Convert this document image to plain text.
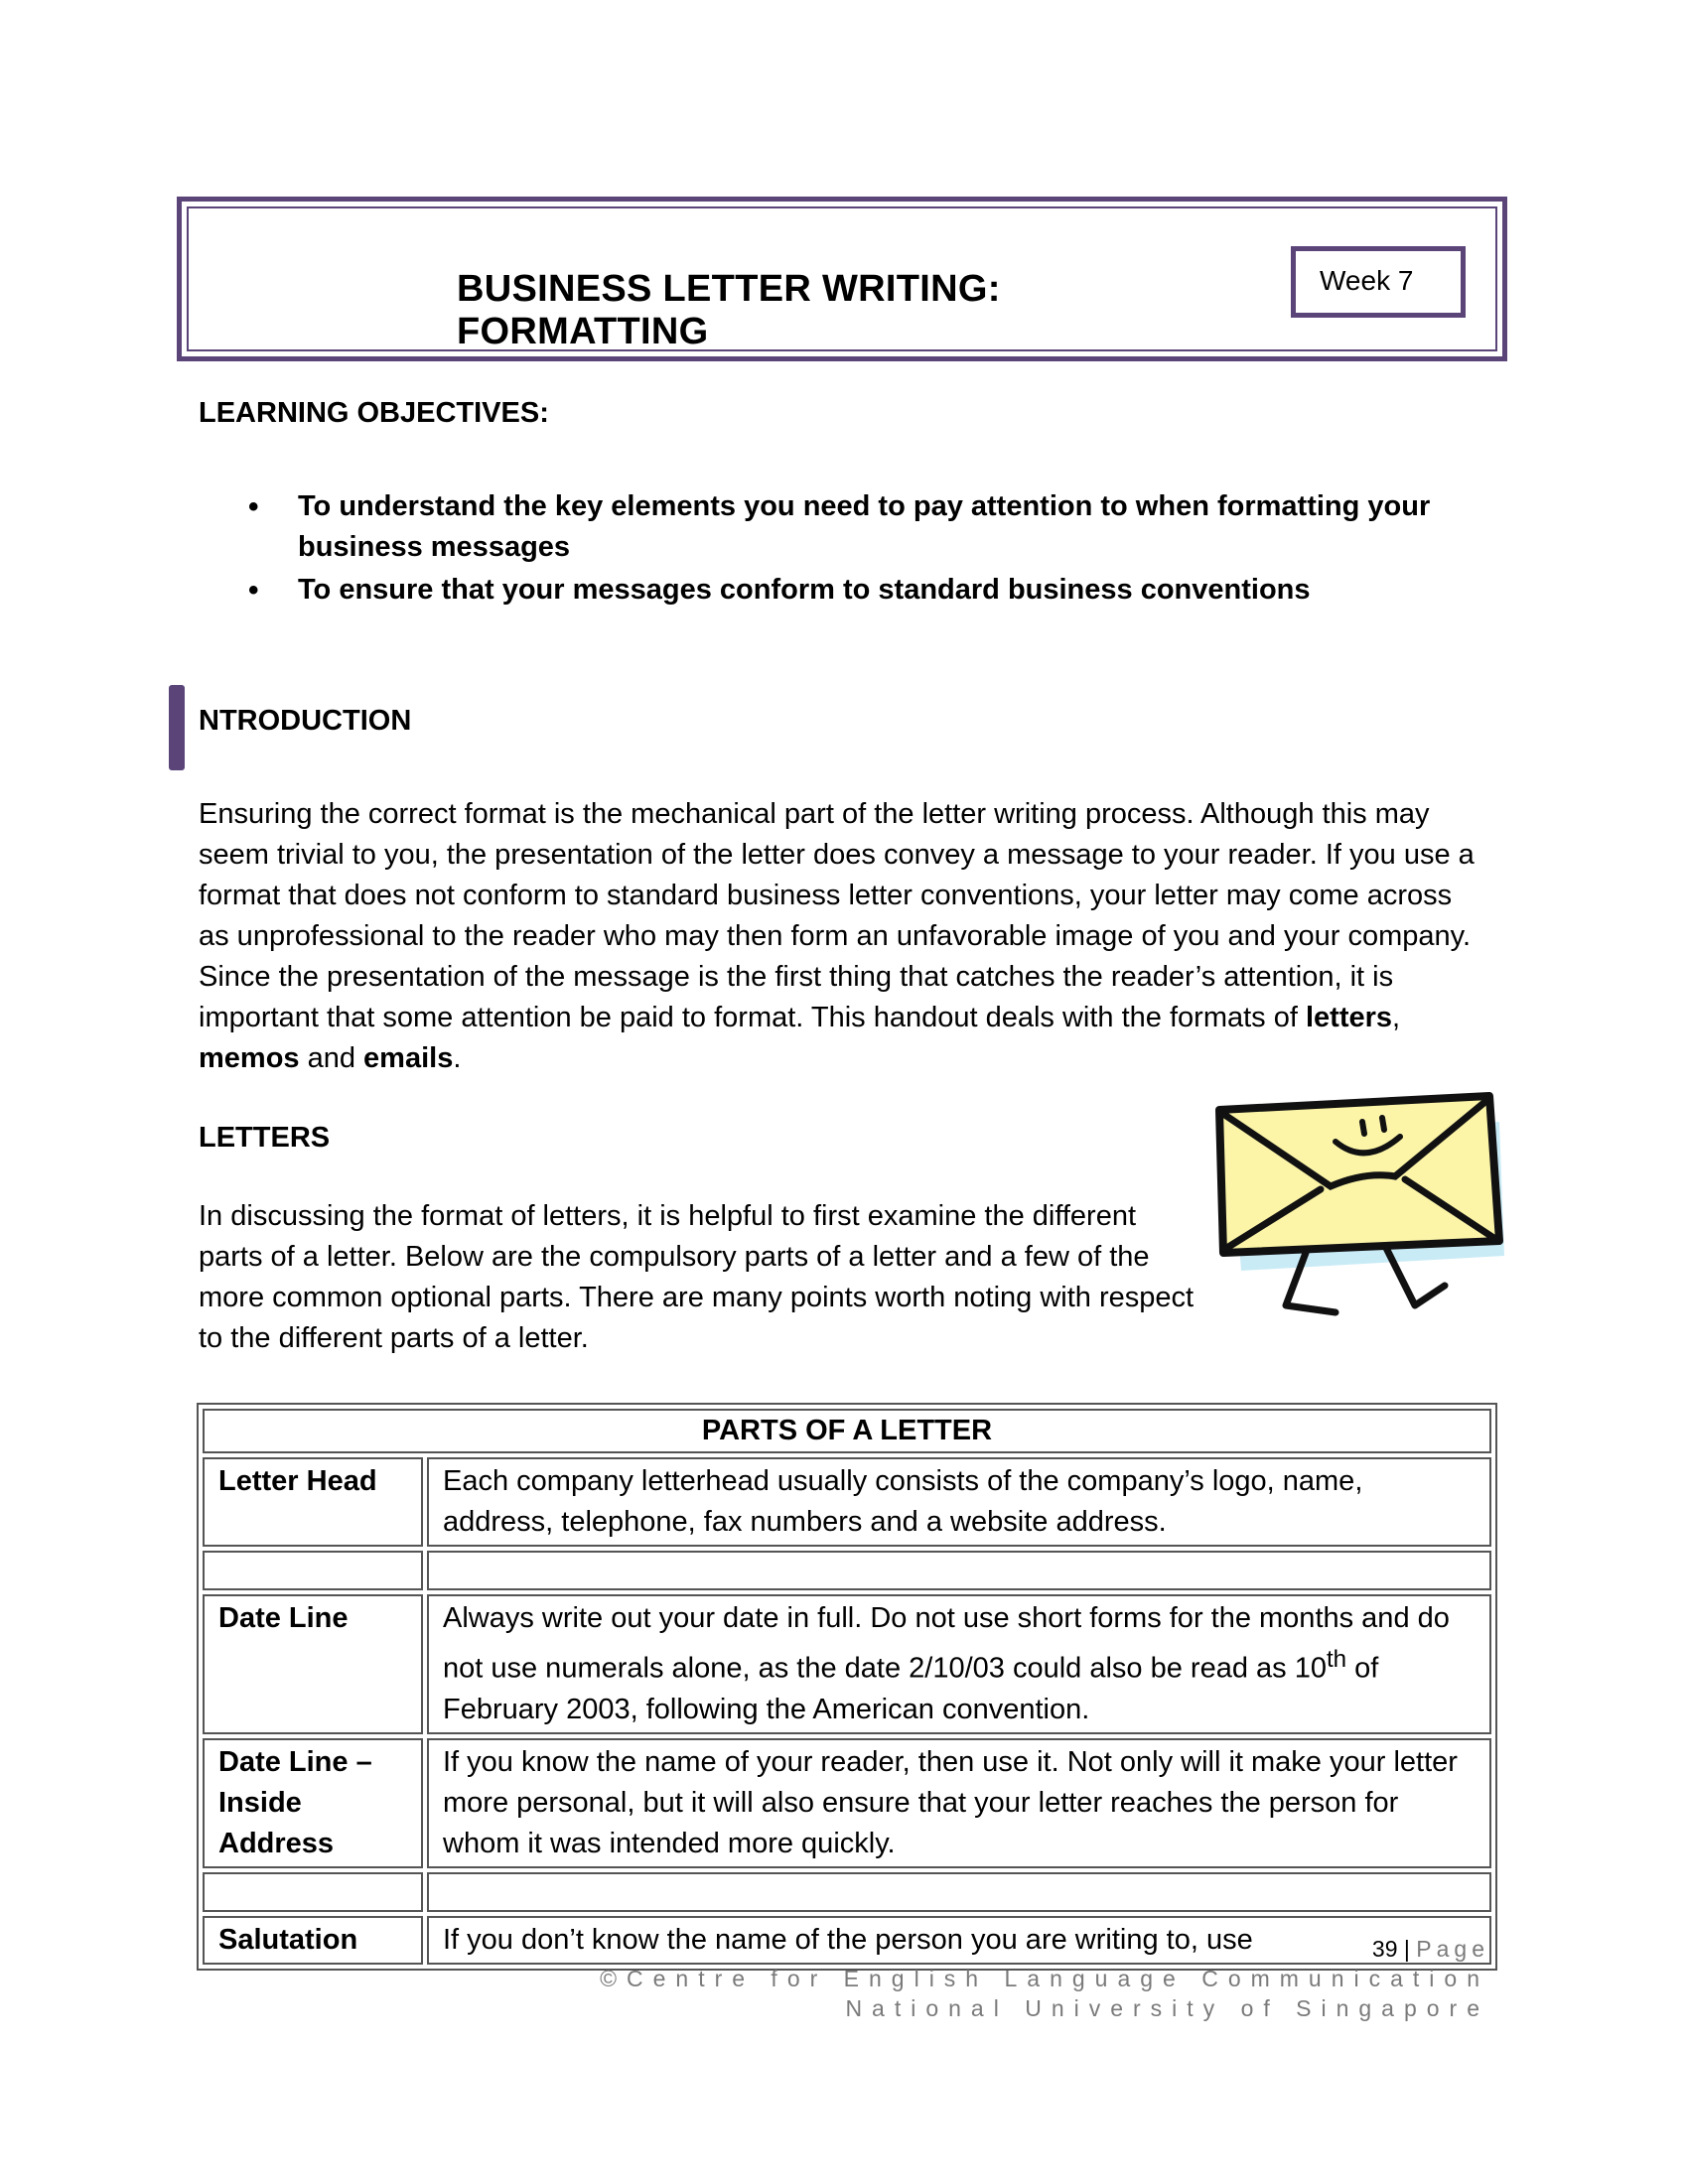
BUSINESS LETTER WRITING: FORMATTING
Week 7
LEARNING OBJECTIVES:
• To understand the key elements you need to pay attention to when formatting your business messages
• To ensure that your messages conform to standard business conventions
NTRODUCTION
Ensuring the correct format is the mechanical part of the letter writing process. Although this may seem trivial to you, the presentation of the letter does convey a message to your reader. If you use a format that does not conform to standard business letter conventions, your letter may come across as unprofessional to the reader who may then form an unfavorable image of you and your company. Since the presentation of the message is the first thing that catches the reader’s attention, it is important that some attention be paid to format. This handout deals with the formats of letters, memos and emails.
LETTERS
In discussing the format of letters, it is helpful to first examine the different parts of a letter. Below are the compulsory parts of a letter and a few of the more common optional parts. There are many points worth noting with respect to the different parts of a letter.
PARTS OF A LETTER	
Letter Head	Each company letterhead usually consists of the company’s logo, name, address, telephone, fax numbers and a website address.

Date Line	Always write out your date in full. Do not use short forms for the months and do not use numerals alone, as the date 2/10/03 could also be read as 10th of February 2003, following the American convention.
Date Line – Inside Address	If you know the name of your reader, then use it. Not only will it make your letter more personal, but it will also ensure that your letter reaches the person for whom it was intended more quickly.

Salutation	If you don’t know the name of the person you are writing to, use	39 | Page
©Centre for English Language Communication
National University of Singapore
